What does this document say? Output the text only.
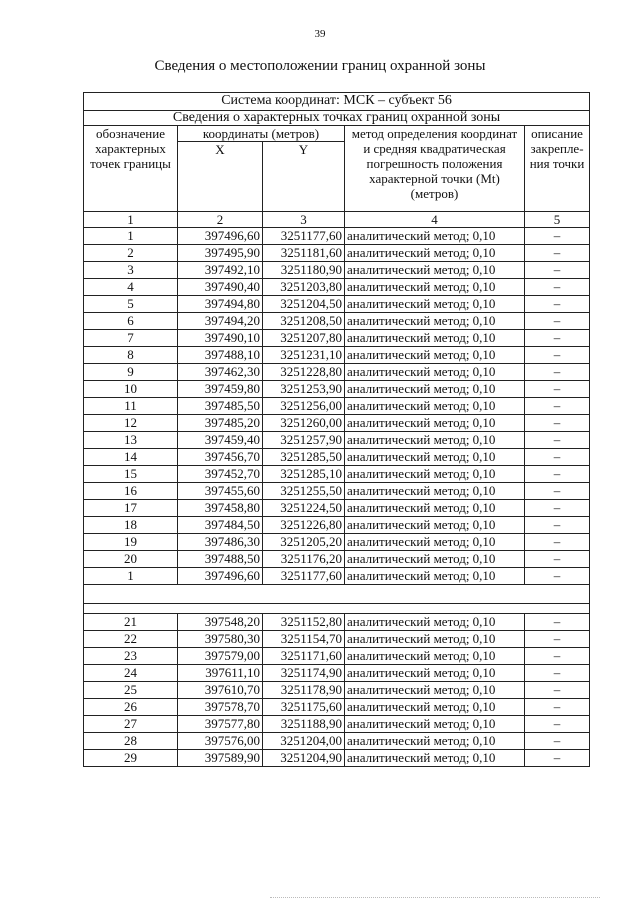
39
Сведения о местоположении границ охранной зоны
Система координат: МСК – субъект 56				
Сведения о характерных точках границ охранной зоны				
обозначение характерных точек границы	координаты (метров)		метод определения координат и средняя квадратическая погрешность положения характерной точки (Mt) (метров)	описание закрепле-ния точки
	X	Y		
1	2	3	4	5
1	397496,60	3251177,60	аналитический метод; 0,10	–
2	397495,90	3251181,60	аналитический метод; 0,10	–
3	397492,10	3251180,90	аналитический метод; 0,10	–
4	397490,40	3251203,80	аналитический метод; 0,10	–
5	397494,80	3251204,50	аналитический метод; 0,10	–
6	397494,20	3251208,50	аналитический метод; 0,10	–
7	397490,10	3251207,80	аналитический метод; 0,10	–
8	397488,10	3251231,10	аналитический метод; 0,10	–
9	397462,30	3251228,80	аналитический метод; 0,10	–
10	397459,80	3251253,90	аналитический метод; 0,10	–
11	397485,50	3251256,00	аналитический метод; 0,10	–
12	397485,20	3251260,00	аналитический метод; 0,10	–
13	397459,40	3251257,90	аналитический метод; 0,10	–
14	397456,70	3251285,50	аналитический метод; 0,10	–
15	397452,70	3251285,10	аналитический метод; 0,10	–
16	397455,60	3251255,50	аналитический метод; 0,10	–
17	397458,80	3251224,50	аналитический метод; 0,10	–
18	397484,50	3251226,80	аналитический метод; 0,10	–
19	397486,30	3251205,20	аналитический метод; 0,10	–
20	397488,50	3251176,20	аналитический метод; 0,10	–
1	397496,60	3251177,60	аналитический метод; 0,10	–

21	397548,20	3251152,80	аналитический метод; 0,10	–
22	397580,30	3251154,70	аналитический метод; 0,10	–
23	397579,00	3251171,60	аналитический метод; 0,10	–
24	397611,10	3251174,90	аналитический метод; 0,10	–
25	397610,70	3251178,90	аналитический метод; 0,10	–
26	397578,70	3251175,60	аналитический метод; 0,10	–
27	397577,80	3251188,90	аналитический метод; 0,10	–
28	397576,00	3251204,00	аналитический метод; 0,10	–
29	397589,90	3251204,90	аналитический метод; 0,10	–
